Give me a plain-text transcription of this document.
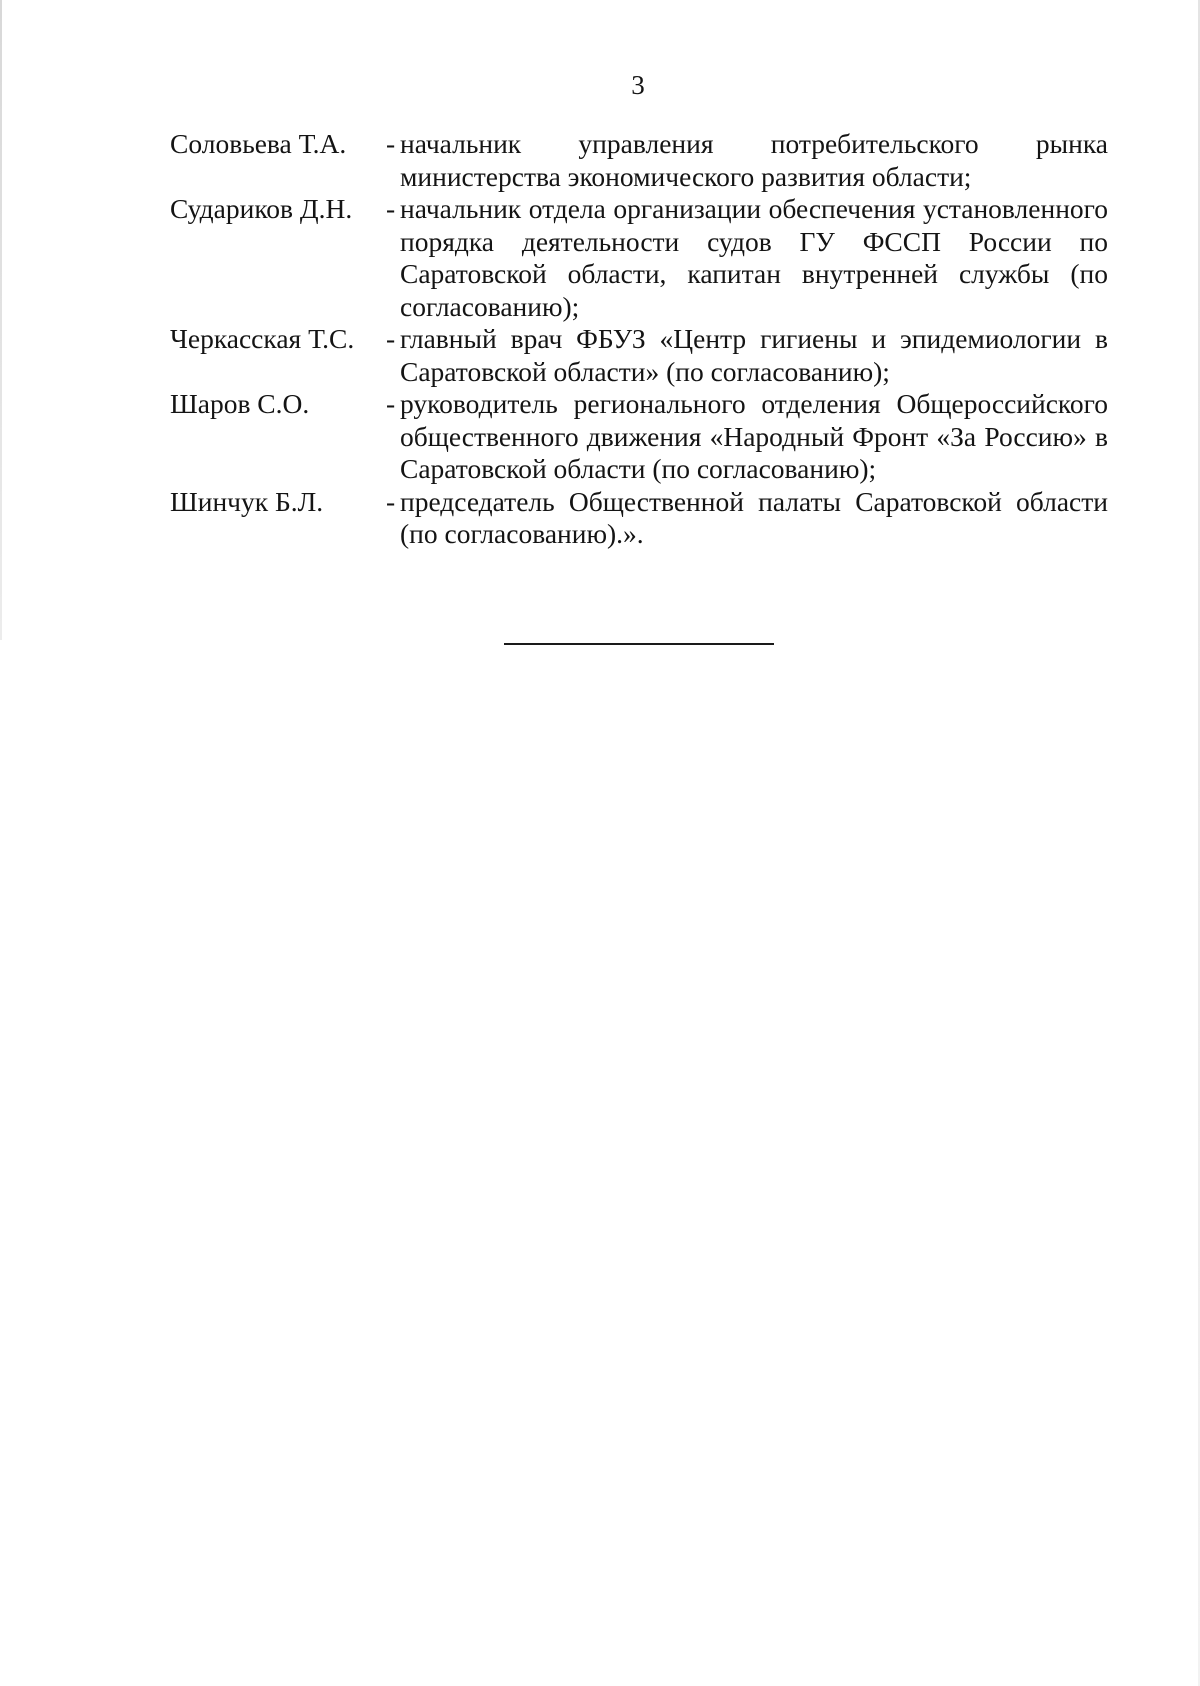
3
Соловьева Т.А.	- начальник управления потребительского рынка министерства экономического развития области;
Судариков Д.Н.	- начальник отдела организации обеспечения установленного порядка деятельности судов ГУ ФССП России по Саратовской области, капитан внутренней службы (по согласованию);
Черкасская Т.С.	- главный врач ФБУЗ «Центр гигиены и эпидемиологии в Саратовской области» (по согласованию);
Шаров С.О.	- руководитель регионального отделения Общероссийского общественного движения «Народный Фронт «За Россию» в Саратовской области (по согласованию);
Шинчук Б.Л.	- председатель Общественной палаты Саратовской области (по согласованию).».
